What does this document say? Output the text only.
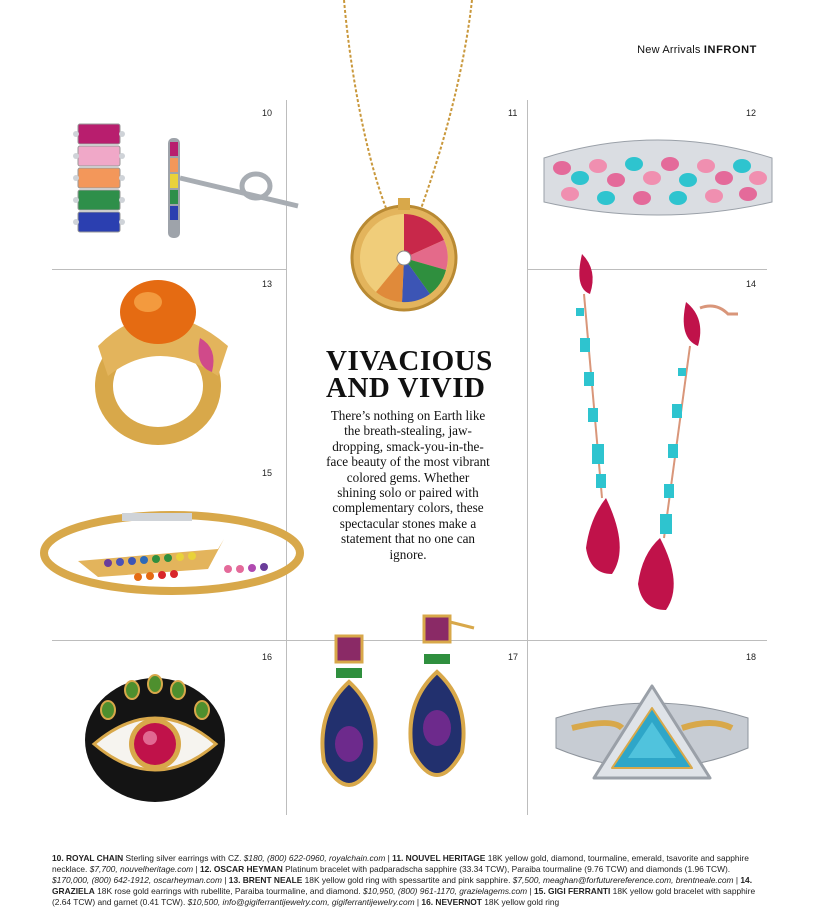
New Arrivals INFRONT
10	11	12
13	14
15
16	17	18
VIVACIOUS
AND VIVID
There’s nothing on Earth like the breath-stealing, jaw-dropping, smack-you-in-the-face beauty of the most vibrant colored gems. Whether shining solo or paired with complementary colors, these spectacular stones make a statement that no one can ignore.
10. ROYAL CHAIN Sterling silver earrings with CZ. $180, (800) 622-0960, royalchain.com | 11. NOUVEL HERITAGE 18K yellow gold, diamond, tourmaline, emerald, tsavorite and sapphire necklace. $7,700, nouvelheritage.com | 12. OSCAR HEYMAN Platinum bracelet with padparadscha sapphire (33.34 TCW), Paraiba tourmaline (9.76 TCW) and diamonds (1.96 TCW). $170,000, (800) 642-1912, oscarheyman.com | 13. BRENT NEALE 18K yellow gold ring with spessartite and pink sapphire. $7,500, meaghan@forfuturereference.com, brentneale.com | 14. GRAZIELA 18K rose gold earrings with rubellite, Paraiba tourmaline, and diamond. $10,950, (800) 961-1170, grazielagems.com | 15. GIGI FERRANTI 18K yellow gold bracelet with sapphire (2.64 TCW) and garnet (0.41 TCW). $10,500, info@gigiferrantijewelry.com, gigiferrantijewelry.com | 16. NEVERNOT 18K yellow gold ring
